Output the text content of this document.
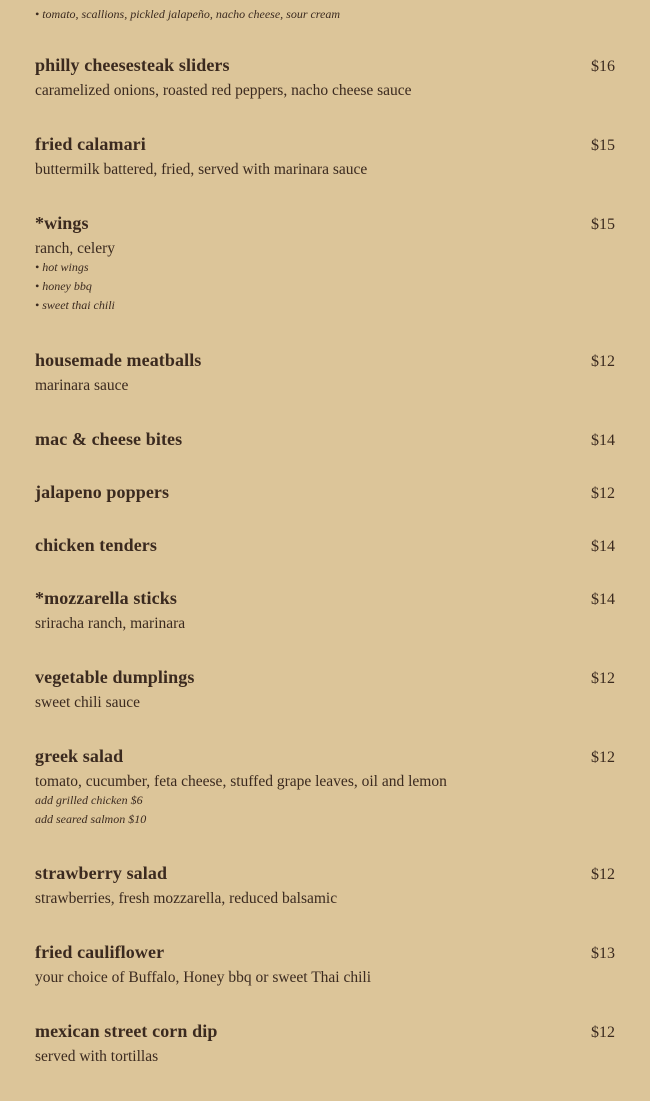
• tomato, scallions, pickled jalapeño, nacho cheese, sour cream
philly cheesesteak sliders	$16
caramelized onions, roasted red peppers, nacho cheese sauce
fried calamari	$15
buttermilk battered, fried, served with marinara sauce
*wings	$15
ranch, celery
• hot wings
• honey bbq
• sweet thai chili
housemade meatballs	$12
marinara sauce
mac & cheese bites	$14
jalapeno poppers	$12
chicken tenders	$14
*mozzarella sticks	$14
sriracha ranch, marinara
vegetable dumplings	$12
sweet chili sauce
greek salad	$12
tomato, cucumber, feta cheese, stuffed grape leaves, oil and lemon
add grilled chicken $6
add seared salmon $10
strawberry salad	$12
strawberries, fresh mozzarella, reduced balsamic
fried cauliflower	$13
your choice of Buffalo, Honey bbq or sweet Thai chili
mexican street corn dip	$12
served with tortillas
